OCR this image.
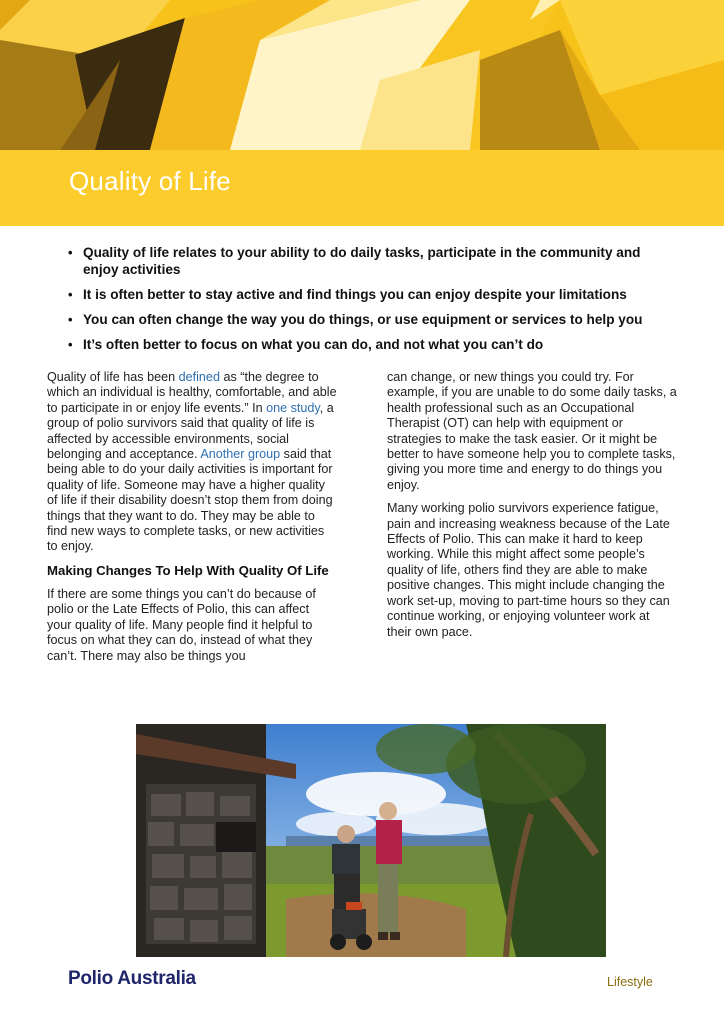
Quality of Life
• Quality of life relates to your ability to do daily tasks, participate in the community and enjoy activities
• It is often better to stay active and find things you can enjoy despite your limitations
• You can often change the way you do things, or use equipment or services to help you
• It’s often better to focus on what you can do, and not what you can’t do

Quality of life has been defined as “the degree to which an individual is healthy, comfortable, and able to participate in or enjoy life events.” In one study, a group of polio survivors said that quality of life is affected by accessible environments, social belonging and acceptance. Another group said that being able to do your daily activities is important for quality of life. Someone may have a higher quality of life if their disability doesn’t stop them from doing things that they want to do. They may be able to find new ways to complete tasks, or new activities to enjoy.

Making Changes To Help With Quality Of Life

If there are some things you can’t do because of polio or the Late Effects of Polio, this can affect your quality of life. Many people find it helpful to focus on what they can do, instead of what they can’t. There may also be things you

can change, or new things you could try. For example, if you are unable to do some daily tasks, a health professional such as an Occupational Therapist (OT) can help with equipment or strategies to make the task easier. Or it might be better to have someone help you to complete tasks, giving you more time and energy to do things you enjoy.

Many working polio survivors experience fatigue, pain and increasing weakness because of the Late Effects of Polio. This can make it hard to keep working. While this might affect some people’s quality of life, others find they are able to make positive changes. This might include changing the work set-up, moving to part-time hours so they can continue working, or enjoying volunteer work at their own pace.

Polio Australia	Lifestyle
